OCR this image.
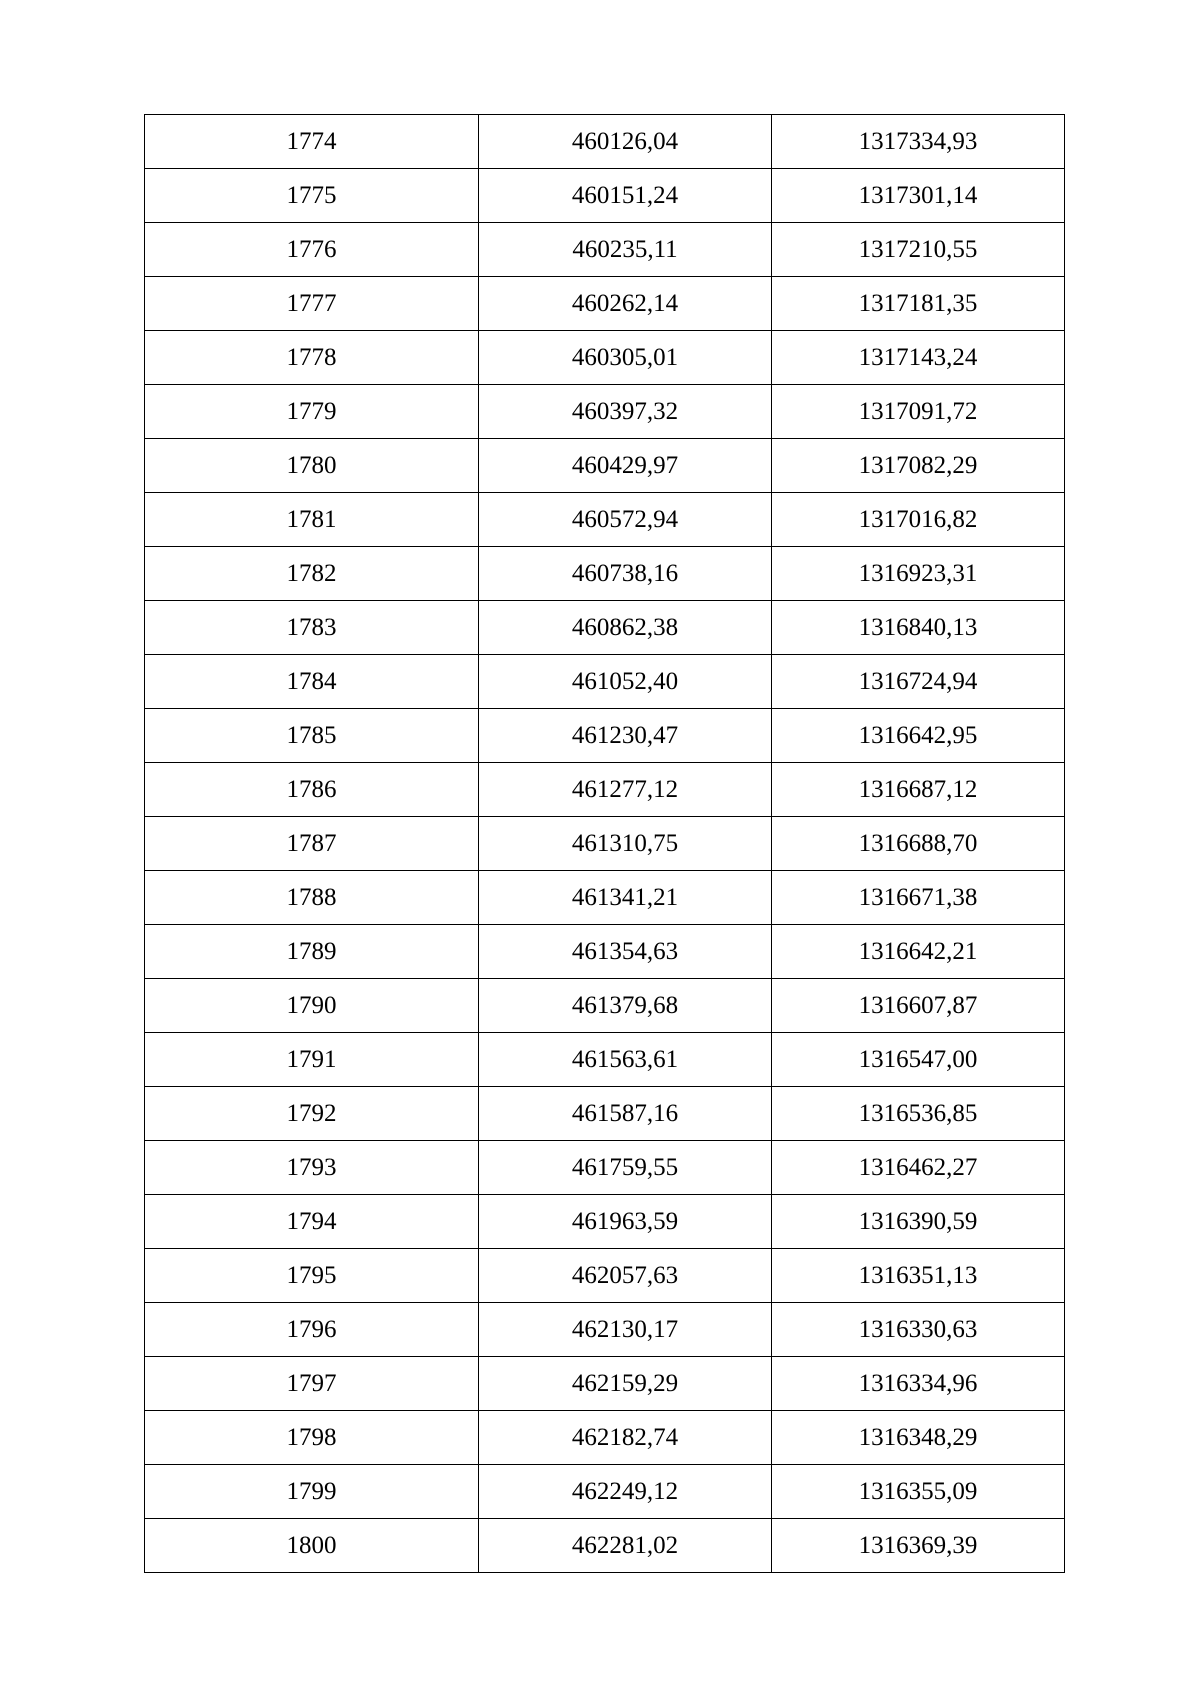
1774	460126,04	1317334,93
1775	460151,24	1317301,14
1776	460235,11	1317210,55
1777	460262,14	1317181,35
1778	460305,01	1317143,24
1779	460397,32	1317091,72
1780	460429,97	1317082,29
1781	460572,94	1317016,82
1782	460738,16	1316923,31
1783	460862,38	1316840,13
1784	461052,40	1316724,94
1785	461230,47	1316642,95
1786	461277,12	1316687,12
1787	461310,75	1316688,70
1788	461341,21	1316671,38
1789	461354,63	1316642,21
1790	461379,68	1316607,87
1791	461563,61	1316547,00
1792	461587,16	1316536,85
1793	461759,55	1316462,27
1794	461963,59	1316390,59
1795	462057,63	1316351,13
1796	462130,17	1316330,63
1797	462159,29	1316334,96
1798	462182,74	1316348,29
1799	462249,12	1316355,09
1800	462281,02	1316369,39
